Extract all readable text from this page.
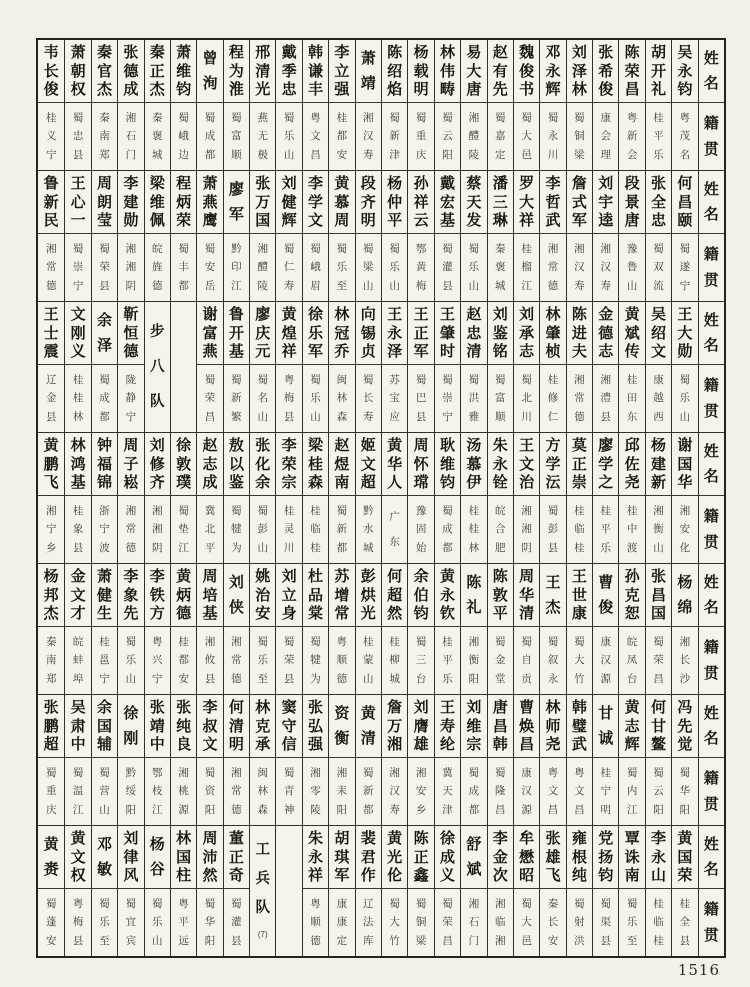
韦
长
俊
桂
义
宁
萧
朝
权
蜀
忠
县
秦
官
杰
秦
南
郑
张
德
成
湘
石
门
秦
正
杰
秦
褒
城
萧
维
钧
蜀
峨
边
曾
洵
蜀
成
都
程
为
淮
蜀
富
顺
邢
清
光
燕
无
极
戴
季
忠
蜀
乐
山
韩
谦
丰
粤
文
昌
李
立
强
桂
都
安
萧
靖
湘
汉
寿
陈
绍
焰
蜀
新
津
杨
载
明
蜀
重
庆
林
伟
畴
蜀
云
阳
易
大
唐
湘
醴
陵
赵
有
先
蜀
嘉
定
魏
俊
书
蜀
大
邑
邓
永
辉
蜀
永
川
刘
泽
林
蜀
铜
梁
张
希
俊
康
会
理
陈
荣
昌
粤
新
会
胡
开
礼
桂
平
乐
吴
永
钧
粤
茂
名
姓
名
籍
贯
鲁
新
民
湘
常
德
王
心
一
蜀
崇
宁
周
朗
莹
蜀
荣
县
李
建
勋
湘
湘
阴
梁
维
佩
皖
旌
德
程
炳
荣
蜀
丰
都
萧
燕
鹰
蜀
安
岳
廖
军
黔
印
江
张
万
国
湘
醴
陵
刘
健
辉
蜀
仁
寿
李
学
文
蜀
峨
眉
黄
慕
周
蜀
乐
至
段
齐
明
蜀
梁
山
杨
仲
平
蜀
乐
山
孙
祥
云
鄂
黄
梅
戴
宏
基
蜀
灌
县
蔡
天
发
蜀
乐
山
潘
三
琳
秦
褒
城
罗
大
祥
桂
榴
江
李
哲
武
湘
常
德
詹
式
军
湘
汉
寿
刘
宇
逵
湘
汉
寿
段
景
唐
豫
鲁
山
张
全
忠
蜀
双
流
何
昌
颐
蜀
遂
宁
姓
名
籍
贯
王
士
震
辽
金
县
文
刚
义
桂
桂
林
余
泽
蜀
成
都
靳
恒
德
陇
静
宁
步
八
队
谢
富
燕
蜀
荣
昌
鲁
开
基
蜀
新
繁
廖
庆
元
蜀
名
山
黄
煌
祥
粤
梅
县
徐
乐
军
蜀
乐
山
林
冠
乔
闽
林
森
向
锡
贞
蜀
长
寿
王
永
泽
苏
宝
应
王
正
军
蜀
巴
县
王
肇
时
蜀
崇
宁
赵
忠
清
蜀
洪
雅
刘
鉴
铭
蜀
富
顺
刘
承
志
蜀
北
川
林
肇
桢
桂
修
仁
陈
进
夫
湘
常
德
金
德
志
湘
澧
县
黄
斌
传
桂
田
东
吴
绍
文
康
越
西
王
大
勋
蜀
乐
山
姓
名
籍
贯
黄
鹏
飞
湘
宁
乡
林
鸿
基
桂
象
县
钟
福
锦
浙
宁
波
周
子
崧
湘
常
德
刘
修
齐
湘
湘
阴
徐
敦
璞
蜀
垫
江
赵
志
成
冀
北
平
敖
以
鉴
蜀
犍
为
张
化
余
蜀
彭
山
李
荣
宗
桂
灵
川
梁
桂
森
桂
临
桂
赵
煜
南
蜀
新
都
姬
文
超
黔
水
城
黄
华
人
广
东
周
怀
瑺
豫
固
始
耿
维
钧
蜀
成
都
汤
慕
伊
桂
桂
林
朱
永
铨
皖
合
肥
王
文
治
湘
湘
阴
方
学
沄
蜀
彭
县
莫
正
崇
桂
临
桂
廖
学
之
桂
平
乐
邱
佐
尧
桂
中
渡
杨
建
新
湘
衡
山
谢
国
华
湘
安
化
姓
名
籍
贯
杨
邦
杰
秦
南
郑
金
文
才
皖
蚌
埠
萧
健
生
桂
邕
宁
李
象
先
蜀
乐
山
李
铁
方
粤
兴
宁
黄
炳
德
桂
都
安
周
培
基
湘
攸
县
刘
侠
湘
常
德
姚
治
安
蜀
乐
至
刘
立
身
蜀
荣
县
杜
品
棠
蜀
犍
为
苏
增
常
粤
顺
德
彭
烘
光
桂
蒙
山
何
超
然
桂
柳
城
余
伯
钧
蜀
三
台
黄
永
钦
桂
平
乐
陈
礼
湘
衡
阳
陈
敦
平
蜀
金
堂
周
华
清
蜀
自
贡
王
杰
蜀
叙
永
王
世
康
蜀
大
竹
曹
俊
康
汉
源
孙
克
恕
皖
凤
台
张
昌
国
蜀
荣
昌
杨
绵
湘
长
沙
姓
名
籍
贯
张
鹏
超
蜀
重
庆
吴
肃
中
蜀
温
江
余
国
辅
蜀
营
山
徐
刚
黔
绥
阳
张
靖
中
鄂
枝
江
张
纯
良
湘
桃
源
李
叔
文
蜀
资
阳
何
清
明
湘
常
德
林
克
承
闽
林
森
窦
守
信
蜀
青
神
张
弘
强
湘
零
陵
资
衡
湘
耒
阳
黄
清
蜀
新
都
詹
万
湘
湘
汉
寿
刘
膺
雄
湘
安
乡
王
寿
纶
冀
天
津
刘
维
宗
蜀
成
都
唐
昌
韩
蜀
隆
昌
曹
焕
昌
康
汉
源
林
师
尧
粤
文
昌
韩
璧
武
粤
文
昌
甘
诚
桂
宁
明
黄
志
辉
蜀
内
江
何
甘
鳌
蜀
云
阳
冯
先
觉
蜀
华
阳
姓
名
籍
贯
黄
赉
蜀
蓬
安
黄
文
权
粤
梅
县
邓
敏
蜀
乐
至
刘
律
风
蜀
宜
宾
杨
谷
蜀
乐
山
林
国
柱
粤
平
远
周
沛
然
蜀
华
阳
董
正
奇
蜀
灌
县
工
兵
队
(7)
朱
永
祥
粤
顺
德
胡
琪
军
康
康
定
裴
君
作
辽
法
库
黄
光
伦
蜀
大
竹
陈
正
鑫
蜀
铜
梁
徐
成
义
蜀
荣
昌
舒
斌
湘
石
门
李
金
次
湘
临
湘
牟
懋
昭
蜀
大
邑
张
雄
飞
秦
长
安
雍
根
纯
蜀
射
洪
党
扬
钧
蜀
渠
县
覃
诛
南
蜀
乐
至
李
永
山
桂
临
桂
黄
国
荣
桂
全
县
姓
名
籍
贯
1516
